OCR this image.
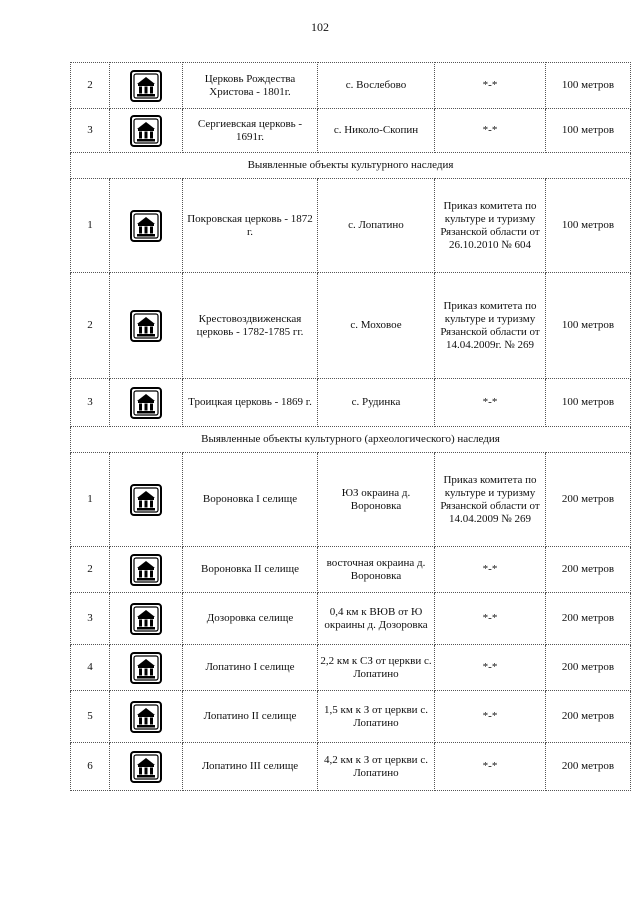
102
2		Церковь Рождества Христова - 1801г.	с. Вослебово	*-*	100 метров
3		Сергиевская церковь - 1691г.	с. Николо-Скопин	*-*	100 метров
Выявленные объекты культурного наследия					
1		Покровская церковь - 1872 г.	с. Лопатино	Приказ комитета по культуре и туризму Рязанской области от 26.10.2010 № 604	100 метров
2		Крестовоздвиженская церковь - 1782-1785 гг.	с. Моховое	Приказ комитета по культуре и туризму Рязанской области от 14.04.2009г. № 269	100 метров
3		Троицкая церковь - 1869 г.	с. Рудинка	*-*	100 метров
Выявленные объекты культурного (археологического) наследия					
1		Вороновка I селище	ЮЗ окраина д. Вороновка	Приказ комитета по культуре и туризму Рязанской области от 14.04.2009 № 269	200 метров
2		Вороновка II селище	восточная окраина д. Вороновка	*-*	200 метров
3		Дозоровка селище	0,4 км к ВЮВ от Ю окраины д. Дозоровка	*-*	200 метров
4		Лопатино I селище	2,2 км к СЗ от церкви с. Лопатино	*-*	200 метров
5		Лопатино II селище	1,5 км к З от церкви с. Лопатино	*-*	200 метров
6		Лопатино III селище	4,2 км к З от церкви с. Лопатино	*-*	200 метров
